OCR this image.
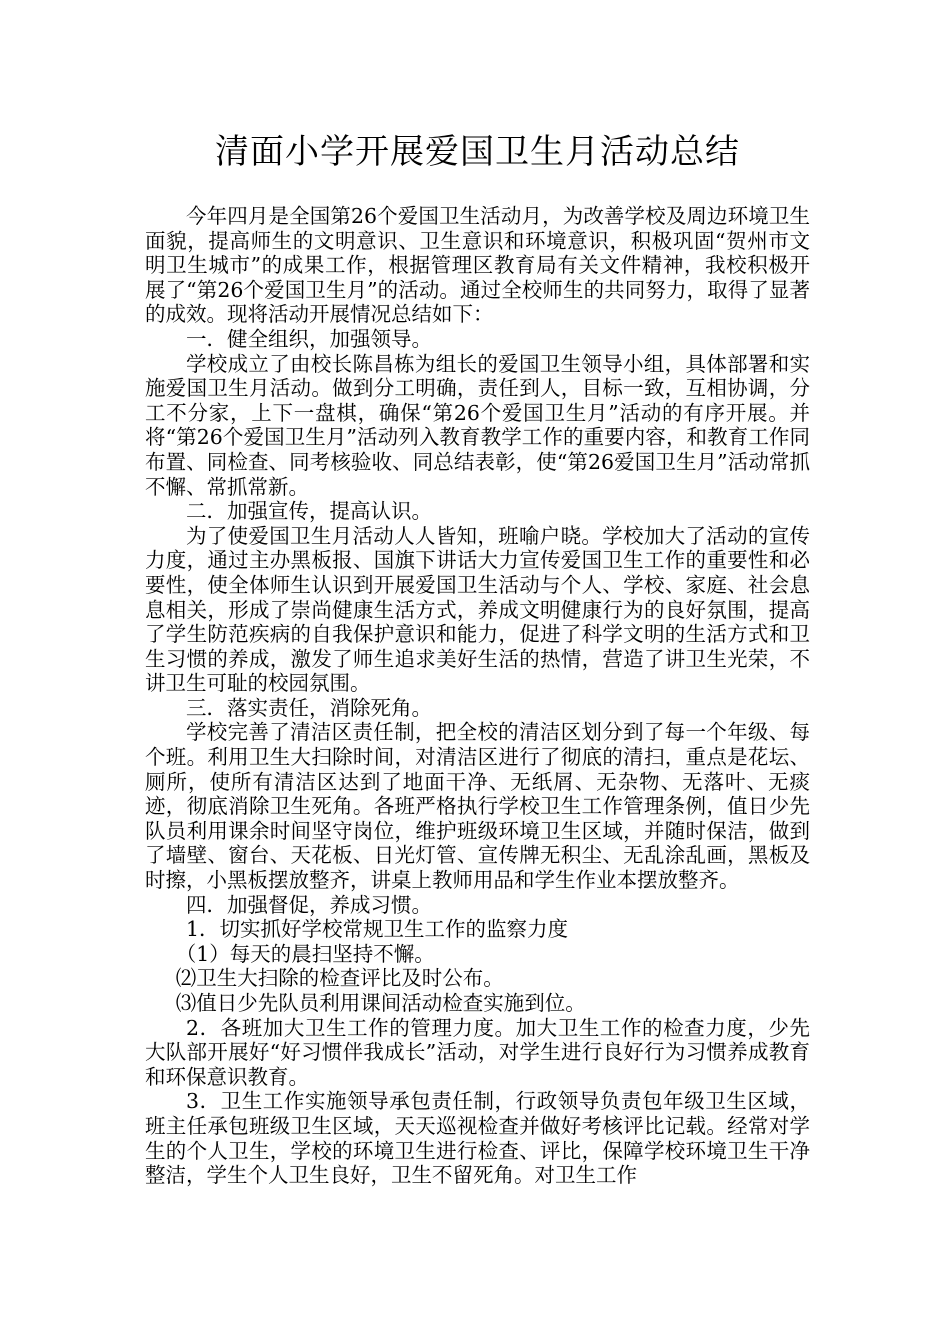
清面小学开展爱国卫生月活动总结

今年四月是全国第26个爱国卫生活动月，为改善学校及周边环境卫生面貌，提高师生的文明意识、卫生意识和环境意识，积极巩固“贺州市文明卫生城市”的成果工作，根据管理区教育局有关文件精神，我校积极开展了“第26个爱国卫生月”的活动。通过全校师生的共同努力，取得了显著的成效。现将活动开展情况总结如下：

一．健全组织，加强领导。

学校成立了由校长陈昌栋为组长的爱国卫生领导小组，具体部署和实施爱国卫生月活动。做到分工明确，责任到人，目标一致，互相协调，分工不分家，上下一盘棋，确保“第26个爱国卫生月”活动的有序开展。并将“第26个爱国卫生月”活动列入教育教学工作的重要内容，和教育工作同布置、同检查、同考核验收、同总结表彰，使“第26爱国卫生月”活动常抓不懈、常抓常新。

二．加强宣传，提高认识。

为了使爱国卫生月活动人人皆知，班喻户晓。学校加大了活动的宣传力度，通过主办黑板报、国旗下讲话大力宣传爱国卫生工作的重要性和必要性，使全体师生认识到开展爱国卫生活动与个人、学校、家庭、社会息息相关，形成了崇尚健康生活方式，养成文明健康行为的良好氛围，提高了学生防范疾病的自我保护意识和能力，促进了科学文明的生活方式和卫生习惯的养成，激发了师生追求美好生活的热情，营造了讲卫生光荣，不讲卫生可耻的校园氛围。

三．落实责任，消除死角。

学校完善了清洁区责任制，把全校的清洁区划分到了每一个年级、每个班。利用卫生大扫除时间，对清洁区进行了彻底的清扫，重点是花坛、厕所，使所有清洁区达到了地面干净、无纸屑、无杂物、无落叶、无痰迹，彻底消除卫生死角。各班严格执行学校卫生工作管理条例，值日少先队员利用课余时间坚守岗位，维护班级环境卫生区域，并随时保洁，做到了墙壁、窗台、天花板、日光灯管、宣传牌无积尘、无乱涂乱画，黑板及时擦，小黑板摆放整齐，讲桌上教师用品和学生作业本摆放整齐。

四．加强督促，养成习惯。

1．切实抓好学校常规卫生工作的监察力度

（1）每天的晨扫坚持不懈。

⑵卫生大扫除的检查评比及时公布。

⑶值日少先队员利用课间活动检查实施到位。

2．各班加大卫生工作的管理力度。加大卫生工作的检查力度，少先大队部开展好“好习惯伴我成长”活动，对学生进行良好行为习惯养成教育和环保意识教育。

3．卫生工作实施领导承包责任制，行政领导负责包年级卫生区域，班主任承包班级卫生区域，天天巡视检查并做好考核评比记载。经常对学生的个人卫生，学校的环境卫生进行检查、评比，保障学校环境卫生干净整洁，学生个人卫生良好，卫生不留死角。对卫生工作
